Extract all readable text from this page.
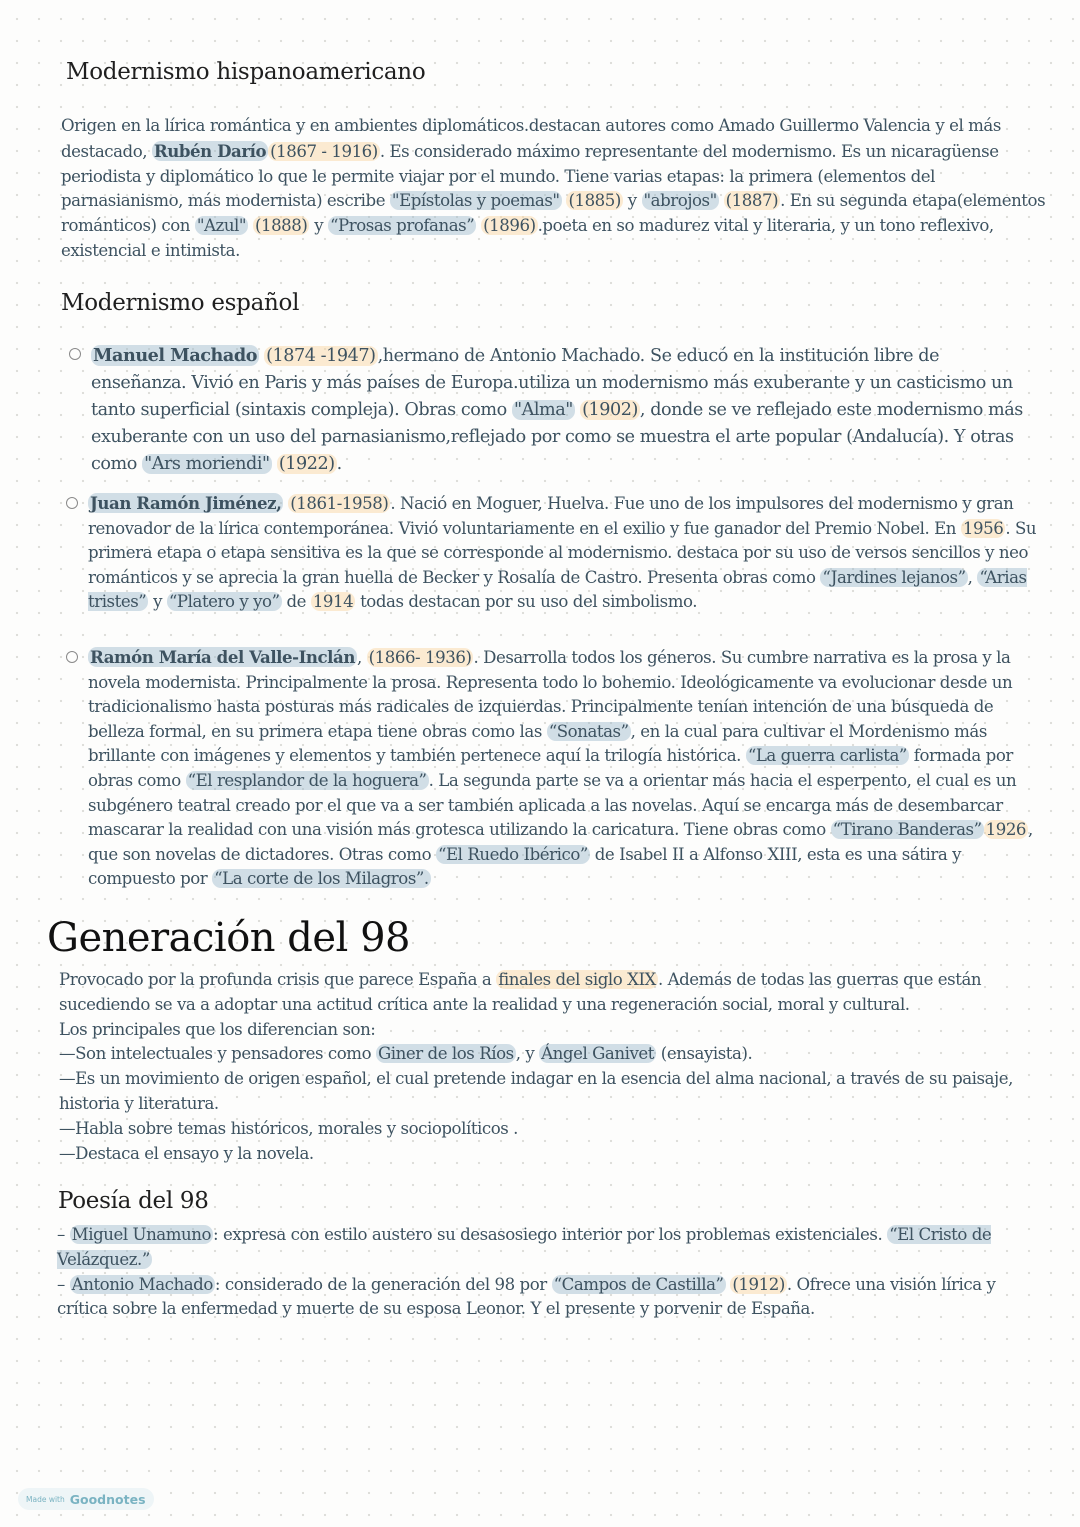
Modernismo hispanoamericano

Origen en la lírica romántica y en ambientes diplomáticos.destacan autores como Amado Guillermo Valencia y el más destacado, Rubén Darío (1867 - 1916) . Es considerado máximo representante del modernismo. Es un nicaragüense periodista y diplomático lo que le permite viajar por el mundo. Tiene varias etapas: la primera (elementos del parnasianismo, más modernista) escribe "Epístolas y poemas" (1885) y "abrojos" (1887) . En su segunda etapa(elementos románticos) con "Azul" (1888) y “Prosas profanas” (1896) .poeta en so madurez vital y literaria, y un tono reflexivo, existencial e intimista.

Modernismo español

Manuel Machado (1874 -1947) ,hermano de Antonio Machado. Se educó en la institución libre de enseñanza. Vivió en Paris y más países de Europa.utiliza un modernismo más exuberante y un casticismo un tanto superficial (sintaxis compleja). Obras como "Alma" (1902) , donde se ve reflejado este modernismo más exuberante con un uso del parnasianismo,reflejado por como se muestra el arte popular (Andalucía). Y otras como "Ars moriendi" (1922) .

Juan Ramón Jiménez, (1861-1958) . Nació en Moguer, Huelva. Fue uno de los impulsores del modernismo y gran renovador de la lírica contemporánea. Vivió voluntariamente en el exilio y fue ganador del Premio Nobel. En 1956 . Su primera etapa o etapa sensitiva es la que se corresponde al modernismo. destaca por su uso de versos sencillos y neo románticos y se aprecia la gran huella de Becker y Rosalía de Castro. Presenta obras como “Jardines lejanos” , “Arias tristes” y “Platero y yo” de 1914 todas destacan por su uso del simbolismo.

Ramón María del Valle-Inclán , (1866- 1936) . Desarrolla todos los géneros. Su cumbre narrativa es la prosa y la novela modernista. Principalmente la prosa. Representa todo lo bohemio. Ideológicamente va evolucionar desde un tradicionalismo hasta posturas más radicales de izquierdas. Principalmente tenían intención de una búsqueda de belleza formal, en su primera etapa tiene obras como las “Sonatas” , en la cual para cultivar el Mordenismo más brillante con imágenes y elementos y también pertenece aquí la trilogía histórica. “La guerra carlista” formada por obras como “El resplandor de la hoguera” . La segunda parte se va a orientar más hacia el esperpento, el cual es un subgénero teatral creado por el que va a ser también aplicada a las novelas. Aquí se encarga más de desembarcar mascarar la realidad con una visión más grotesca utilizando la caricatura. Tiene obras como “Tirano Banderas” 1926 , que son novelas de dictadores. Otras como “El Ruedo Ibérico” de Isabel II a Alfonso XIII, esta es una sátira y compuesto por “La corte de los Milagros”.

Generación del 98
Provocado por la profunda crisis que parece España a finales del siglo XIX . Además de todas las guerras que están sucediendo se va a adoptar una actitud crítica ante la realidad y una regeneración social, moral y cultural.
Los principales que los diferencian son:
—Son intelectuales y pensadores como Giner de los Ríos , y Ángel Ganivet (ensayista).
—Es un movimiento de origen español, el cual pretende indagar en la esencia del alma nacional, a través de su paisaje, historia y literatura.
—Habla sobre temas históricos, morales y sociopolíticos .
—Destaca el ensayo y la novela.
Poesía del 98
– Miguel Unamuno : expresa con estilo austero su desasosiego interior por los problemas existenciales. “El Cristo de Velázquez.”
– Antonio Machado : considerado de la generación del 98 por “Campos de Castilla” (1912) . Ofrece una visión lírica y crítica sobre la enfermedad y muerte de su esposa Leonor. Y el presente y porvenir de España.
Made with Goodnotes
